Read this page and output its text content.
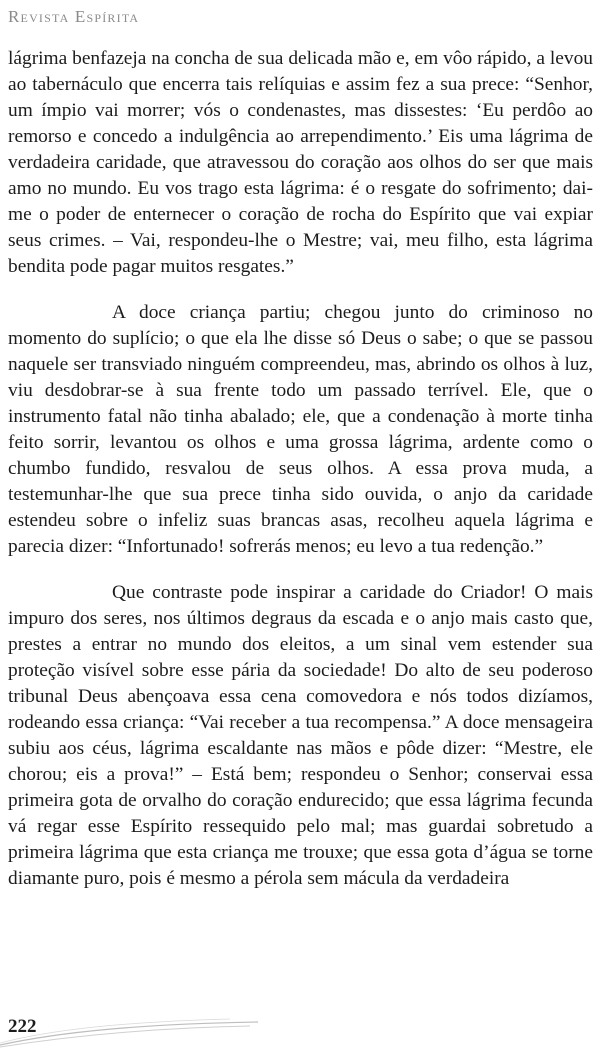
Revista Espírita

lágrima benfazeja na concha de sua delicada mão e, em vôo rápido, a levou ao tabernáculo que encerra tais relíquias e assim fez a sua prece: “Senhor, um ímpio vai morrer; vós o condenastes, mas dissestes: ‘Eu perdôo ao remorso e concedo a indulgência ao arrependimento.’ Eis uma lágrima de verdadeira caridade, que atravessou do coração aos olhos do ser que mais amo no mundo. Eu vos trago esta lágrima: é o resgate do sofrimento; dai-me o poder de enternecer o coração de rocha do Espírito que vai expiar seus crimes. – Vai, respondeu-lhe o Mestre; vai, meu filho, esta lágrima bendita pode pagar muitos resgates.”

A doce criança partiu; chegou junto do criminoso no momento do suplício; o que ela lhe disse só Deus o sabe; o que se passou naquele ser transviado ninguém compreendeu, mas, abrindo os olhos à luz, viu desdobrar-se à sua frente todo um passado terrível. Ele, que o instrumento fatal não tinha abalado; ele, que a condenação à morte tinha feito sorrir, levantou os olhos e uma grossa lágrima, ardente como o chumbo fundido, resvalou de seus olhos. A essa prova muda, a testemunhar-lhe que sua prece tinha sido ouvida, o anjo da caridade estendeu sobre o infeliz suas brancas asas, recolheu aquela lágrima e parecia dizer: “Infortunado! sofrerás menos; eu levo a tua redenção.”

Que contraste pode inspirar a caridade do Criador! O mais impuro dos seres, nos últimos degraus da escada e o anjo mais casto que, prestes a entrar no mundo dos eleitos, a um sinal vem estender sua proteção visível sobre esse pária da sociedade! Do alto de seu poderoso tribunal Deus abençoava essa cena comovedora e nós todos dizíamos, rodeando essa criança: “Vai receber a tua recompensa.” A doce mensageira subiu aos céus, lágrima escaldante nas mãos e pôde dizer: “Mestre, ele chorou; eis a prova!” – Está bem; respondeu o Senhor; conservai essa primeira gota de orvalho do coração endurecido; que essa lágrima fecunda vá regar esse Espírito ressequido pelo mal; mas guardai sobretudo a primeira lágrima que esta criança me trouxe; que essa gota d’água se torne diamante puro, pois é mesmo a pérola sem mácula da verdadeira

222
